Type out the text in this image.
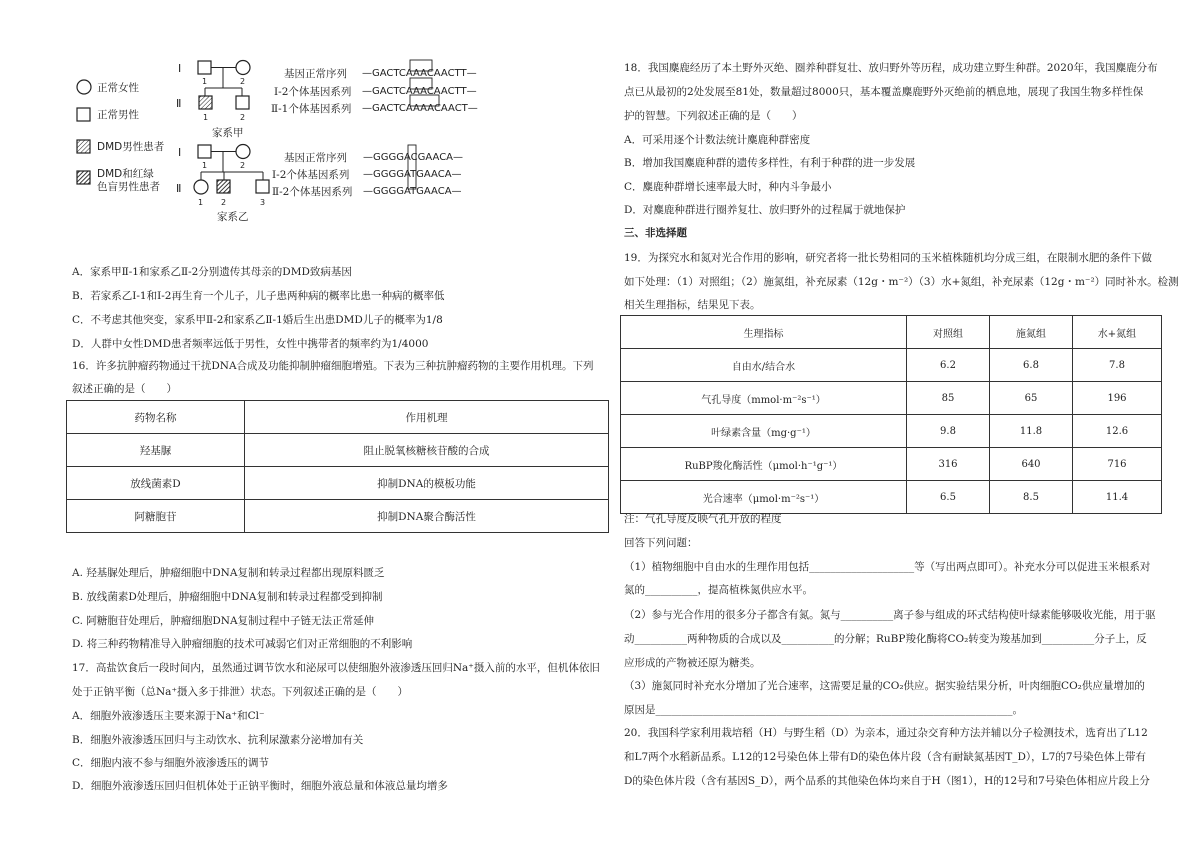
Ⅰ
1	2
Ⅱ
1	2
Ⅰ
1	2
Ⅱ
1 2	3
正常女性
正常男性
DMD男性患者
DMD和红绿
色盲男性患者
家系甲
家系乙
基因正常序列 —GACTCAAACAACTT—
Ⅰ-2个体基因系列 —GACTCAAACAACTT—
Ⅱ-1个体基因系列 —GACTCAAAACAACT—
基因正常序列 —GGGGACGAACA—
Ⅰ-2个体基因系列 —GGGGATGAACA—
Ⅱ-2个体基因系列 —GGGGATGAACA—
A．家系甲Ⅱ-1和家系乙Ⅱ-2分别遗传其母亲的DMD致病基因
B．若家系乙Ⅰ-1和Ⅰ-2再生育一个儿子，儿子患两种病的概率比患一种病的概率低
C．不考虑其他突变，家系甲Ⅱ-2和家系乙Ⅱ-1婚后生出患DMD儿子的概率为1/8
D．人群中女性DMD患者频率远低于男性，女性中携带者的频率约为1/4000
16．许多抗肿瘤药物通过干扰DNA合成及功能抑制肿瘤细胞增殖。下表为三种抗肿瘤药物的主要作用机理。下列
叙述正确的是（　　）
药物名称	作用机理
羟基脲	阻止脱氧核糖核苷酸的合成
放线菌素D	抑制DNA的模板功能
阿糖胞苷	抑制DNA聚合酶活性
A. 羟基脲处理后，肿瘤细胞中DNA复制和转录过程都出现原料匮乏
B. 放线菌素D处理后，肿瘤细胞中DNA复制和转录过程都受到抑制
C. 阿糖胞苷处理后，肿瘤细胞DNA复制过程中子链无法正常延伸
D. 将三种药物精准导入肿瘤细胞的技术可减弱它们对正常细胞的不利影响
17．高盐饮食后一段时间内，虽然通过调节饮水和泌尿可以使细胞外液渗透压回归Na⁺摄入前的水平，但机体依旧
处于正钠平衡（总Na⁺摄入多于排泄）状态。下列叙述正确的是（　　）
A．细胞外液渗透压主要来源于Na⁺和Cl⁻
B．细胞外液渗透压回归与主动饮水、抗利尿激素分泌增加有关
C．细胞内液不参与细胞外液渗透压的调节
D．细胞外液渗透压回归但机体处于正钠平衡时，细胞外液总量和体液总量均增多
18．我国麋鹿经历了本土野外灭绝、圈养种群复壮、放归野外等历程，成功建立野生种群。2020年，我国麋鹿分布
点已从最初的2处发展至81处，数量超过8000只，基本覆盖麋鹿野外灭绝前的栖息地，展现了我国生物多样性保
护的智慧。下列叙述正确的是（　　）
A．可采用逐个计数法统计麋鹿种群密度
B．增加我国麋鹿种群的遗传多样性，有利于种群的进一步发展
C．麋鹿种群增长速率最大时，种内斗争最小
D．对麋鹿种群进行圈养复壮、放归野外的过程属于就地保护
三、非选择题
19．为探究水和氮对光合作用的影响，研究者将一批长势相同的玉米植株随机均分成三组，在限制水肥的条件下做
如下处理：（1）对照组；（2）施氮组，补充尿素（12g・m⁻²）（3）水+氮组，补充尿素（12g・m⁻²）同时补水。检测
相关生理指标，结果见下表。
生理指标	对照组	施氮组	水+氮组
自由水/结合水	6.2	6.8	7.8
气孔导度（mmol·m⁻²s⁻¹）	85	65	196
叶绿素含量（mg·g⁻¹）	9.8	11.8	12.6
RuBP羧化酶活性（μmol·h⁻¹g⁻¹）	316	640	716
光合速率（μmol·m⁻²s⁻¹）	6.5	8.5	11.4
注：气孔导度反映气孔开放的程度
回答下列问题：
（1）植物细胞中自由水的生理作用包括____________________等（写出两点即可）。补充水分可以促进玉米根系对
氮的__________，提高植株氮供应水平。
（2）参与光合作用的很多分子都含有氮。氮与__________离子参与组成的环式结构使叶绿素能够吸收光能，用于驱
动__________两种物质的合成以及__________的分解；RuBP羧化酶将CO₂转变为羧基加到__________分子上，反
应形成的产物被还原为糖类。
（3）施氮同时补充水分增加了光合速率，这需要足量的CO₂供应。据实验结果分析，叶肉细胞CO₂供应量增加的
原因是____________________________________________________________________。
20．我国科学家利用栽培稻（H）与野生稻（D）为亲本，通过杂交育种方法并辅以分子检测技术，选育出了L12
和L7两个水稻新品系。L12的12号染色体上带有D的染色体片段（含有耐缺氮基因T_D），L7的7号染色体上带有
D的染色体片段（含有基因S_D），两个品系的其他染色体均来自于H（图1），H的12号和7号染色体相应片段上分
